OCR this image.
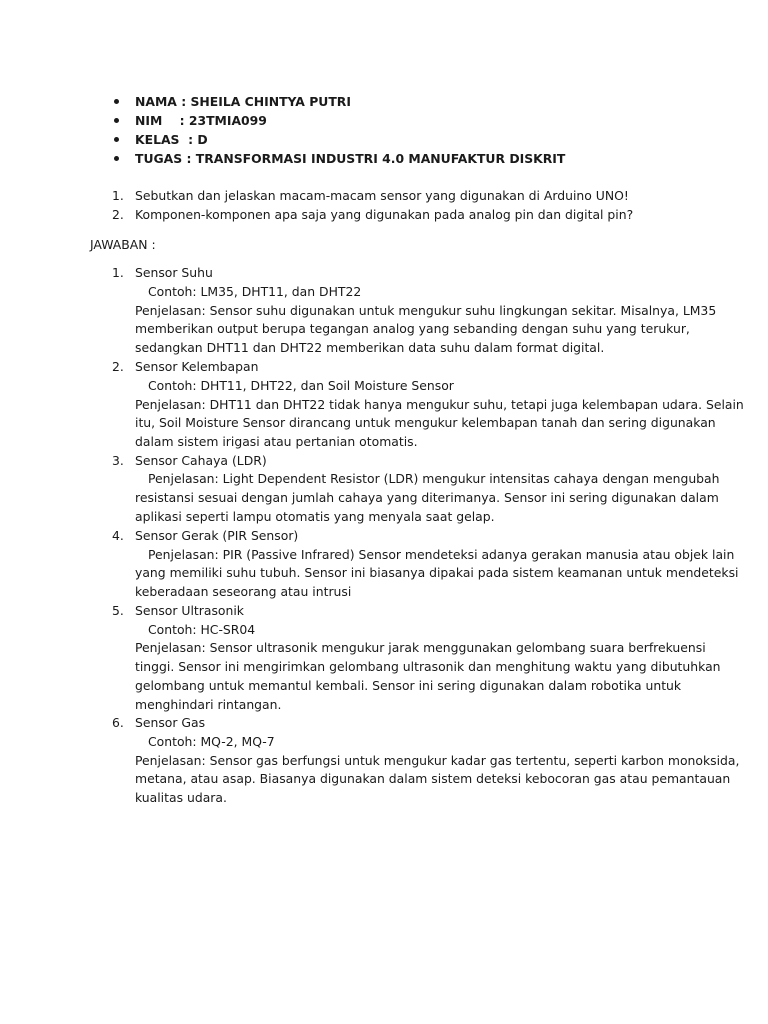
NAMA : SHEILA CHINTYA PUTRI
NIM    : 23TMIA099
KELAS  : D
TUGAS : TRANSFORMASI INDUSTRI 4.0 MANUFAKTUR DISKRIT
1. Sebutkan dan jelaskan macam-macam sensor yang digunakan di Arduino UNO!
2. Komponen-komponen apa saja yang digunakan pada analog pin dan digital pin?
JAWABAN :
1. Sensor Suhu
Contoh: LM35, DHT11, dan DHT22
Penjelasan: Sensor suhu digunakan untuk mengukur suhu lingkungan sekitar. Misalnya, LM35
memberikan output berupa tegangan analog yang sebanding dengan suhu yang terukur,
sedangkan DHT11 dan DHT22 memberikan data suhu dalam format digital.
2. Sensor Kelembapan
Contoh: DHT11, DHT22, dan Soil Moisture Sensor
Penjelasan: DHT11 dan DHT22 tidak hanya mengukur suhu, tetapi juga kelembapan udara. Selain
itu, Soil Moisture Sensor dirancang untuk mengukur kelembapan tanah dan sering digunakan
dalam sistem irigasi atau pertanian otomatis.
3. Sensor Cahaya (LDR)
Penjelasan: Light Dependent Resistor (LDR) mengukur intensitas cahaya dengan mengubah
resistansi sesuai dengan jumlah cahaya yang diterimanya. Sensor ini sering digunakan dalam
aplikasi seperti lampu otomatis yang menyala saat gelap.
4. Sensor Gerak (PIR Sensor)
Penjelasan: PIR (Passive Infrared) Sensor mendeteksi adanya gerakan manusia atau objek lain
yang memiliki suhu tubuh. Sensor ini biasanya dipakai pada sistem keamanan untuk mendeteksi
keberadaan seseorang atau intrusi
5. Sensor Ultrasonik
Contoh: HC-SR04
Penjelasan: Sensor ultrasonik mengukur jarak menggunakan gelombang suara berfrekuensi
tinggi. Sensor ini mengirimkan gelombang ultrasonik dan menghitung waktu yang dibutuhkan
gelombang untuk memantul kembali. Sensor ini sering digunakan dalam robotika untuk
menghindari rintangan.
6. Sensor Gas
Contoh: MQ-2, MQ-7
Penjelasan: Sensor gas berfungsi untuk mengukur kadar gas tertentu, seperti karbon monoksida,
metana, atau asap. Biasanya digunakan dalam sistem deteksi kebocoran gas atau pemantauan
kualitas udara.
